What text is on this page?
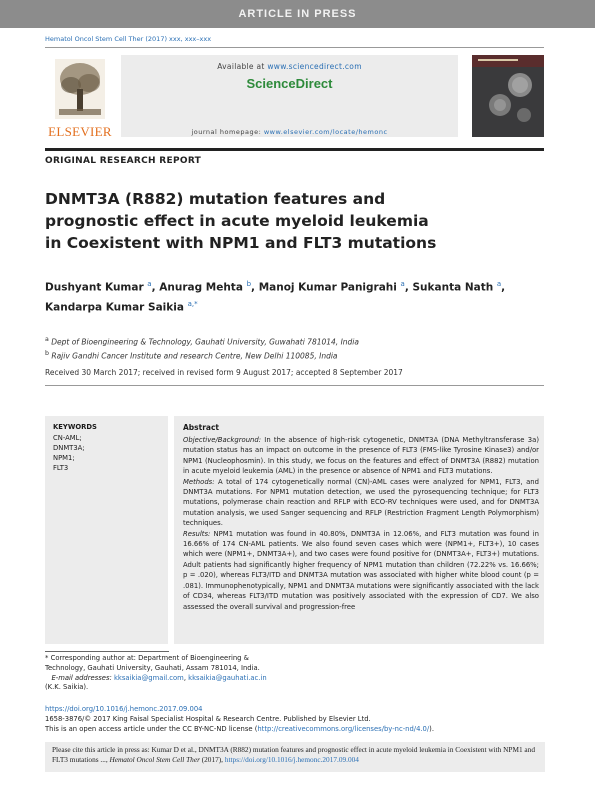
ARTICLE IN PRESS
Hematol Oncol Stem Cell Ther (2017) xxx, xxx–xxx
ELSEVIER
Available at www.sciencedirect.com
ScienceDirect
journal homepage: www.elsevier.com/locate/hemonc
ORIGINAL RESEARCH REPORT
DNMT3A (R882) mutation features and
prognostic effect in acute myeloid leukemia
in Coexistent with NPM1 and FLT3 mutations
Dushyant Kumar $^a$, Anurag Mehta $^b$, Manoj Kumar Panigrahi $^a$, Sukanta Nath $^a$,
Kandarpa Kumar Saikia $^{a,*}$
$^a$ Dept of Bioengineering & Technology, Gauhati University, Guwahati 781014, India
$^b$ Rajiv Gandhi Cancer Institute and research Centre, New Delhi 110085, India
Received 30 March 2017; received in revised form 9 August 2017; accepted 8 September 2017
KEYWORDS
CN-AML;
DNMT3A;
NPM1;
FLT3
Abstract
Objective/Background: In the absence of high-risk cytogenetic, DNMT3A (DNA Methyltransferase 3a) mutation status has an impact on outcome in the presence of FLT3 (FMS-like Tyrosine Kinase3) and/or NPM1 (Nucleophosmin). In this study, we focus on the features and effect of DNMT3A (R882) mutation in acute myeloid leukemia (AML) in the presence or absence of NPM1 and FLT3 mutations.
Methods: A total of 174 cytogenetically normal (CN)-AML cases were analyzed for NPM1, FLT3, and DNMT3A mutations. For NPM1 mutation detection, we used the pyrosequencing technique; for FLT3 mutations, polymerase chain reaction and RFLP with ECO-RV techniques were used, and for DNMT3A mutation analysis, we used Sanger sequencing and RFLP (Restriction Fragment Length Polymorphism) techniques.
Results: NPM1 mutation was found in 40.80%, DNMT3A in 12.06%, and FLT3 mutation was found in 16.66% of 174 CN-AML patients. We also found seven cases which were (NPM1+, FLT3+), 10 cases which were (NPM1+, DNMT3A+), and two cases were found positive for (DNMT3A+, FLT3+) mutations. Adult patients had significantly higher frequency of NPM1 mutation than children (72.22% vs. 16.66%; p = .020), whereas FLT3/ITD and DNMT3A mutation was associated with higher white blood count (p = .081). Immunophenotypically, NPM1 and DNMT3A mutations were significantly associated with the lack of CD34, whereas FLT3/ITD mutation was positively associated with the expression of CD7. We also assessed the overall survival and progression-free
* Corresponding author at: Department of Bioengineering & Technology, Gauhati University, Gauhati, Assam 781014, India.
E-mail addresses: kksaikia@gmail.com, kksaikia@gauhati.ac.in
(K.K. Saikia).
https://doi.org/10.1016/j.hemonc.2017.09.004
1658-3876/© 2017 King Faisal Specialist Hospital & Research Centre. Published by Elsevier Ltd.
This is an open access article under the CC BY-NC-ND license (http://creativecommons.org/licenses/by-nc-nd/4.0/).
Please cite this article in press as: Kumar D et al., DNMT3A (R882) mutation features and prognostic effect in acute myeloid leukemia in Coexistent with NPM1 and FLT3 mutations ..., Hematol Oncol Stem Cell Ther (2017), https://doi.org/10.1016/j.hemonc.2017.09.004
